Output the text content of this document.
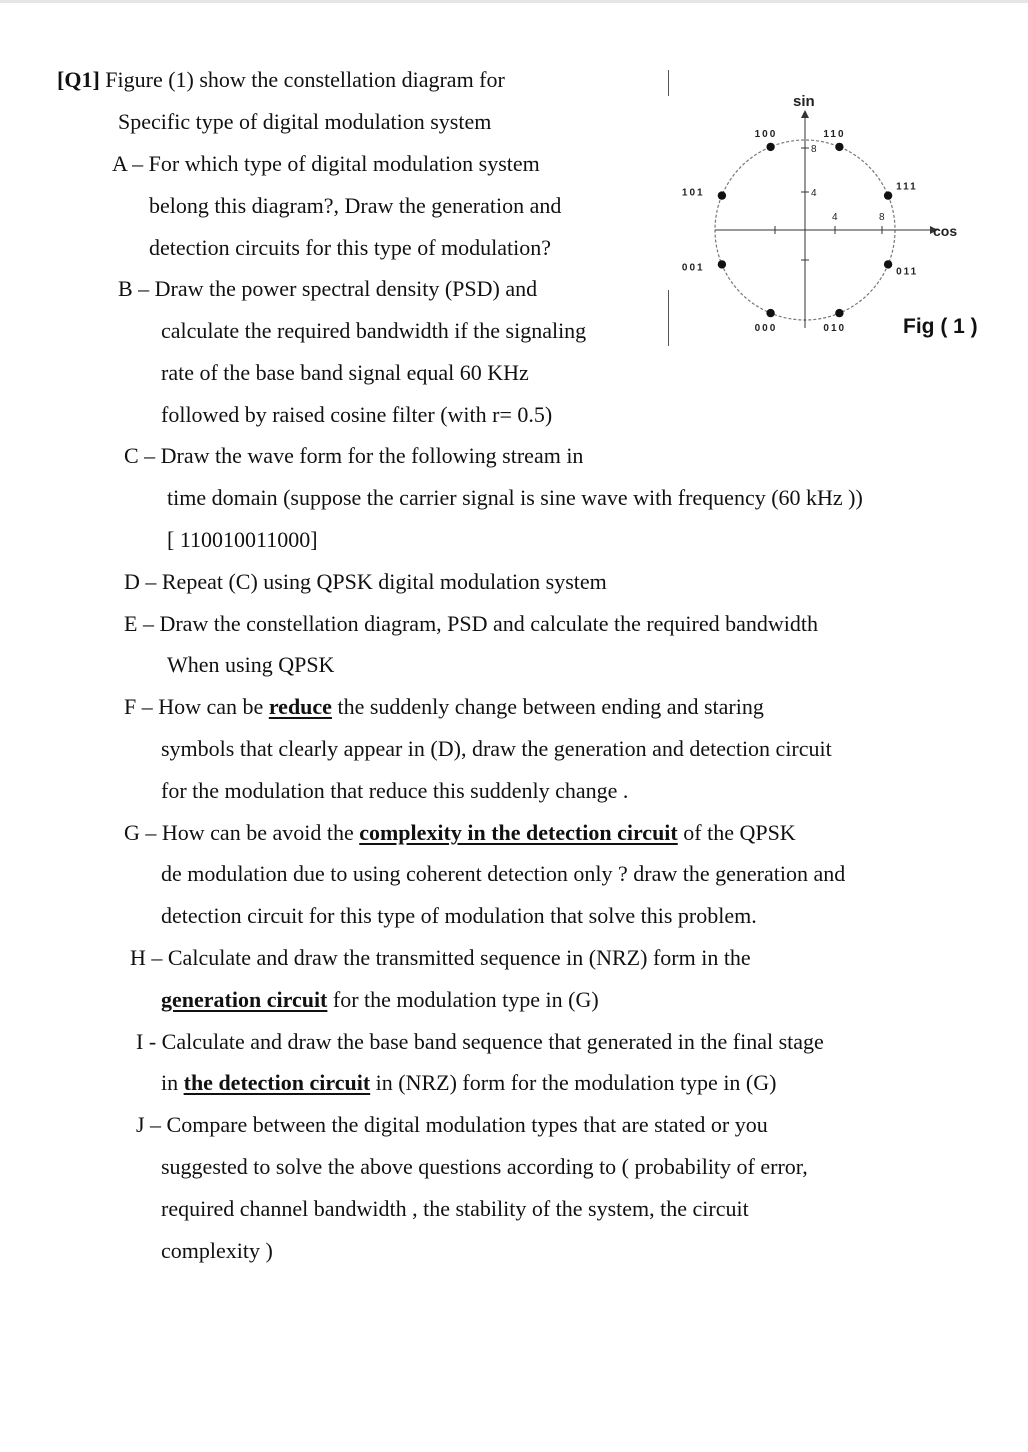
[Q1] Figure (1) show the constellation diagram for
Specific type of digital modulation system
A – For which type of digital modulation system
belong this diagram?, Draw the generation and
detection circuits for this type of modulation?
B – Draw the power spectral density (PSD) and
calculate the required bandwidth if the signaling
rate of the base band signal equal 60 KHz
followed by raised cosine filter (with r= 0.5)
C – Draw the wave form for the following stream in
time domain (suppose the carrier signal is sine wave with frequency (60 kHz ))
[ 110010011000]
D – Repeat (C) using QPSK digital modulation system
E – Draw the constellation diagram, PSD and calculate the required bandwidth
When using QPSK
F – How can be reduce the suddenly change between ending and staring
symbols that clearly appear in (D), draw the generation and detection circuit
for the modulation that reduce this suddenly change .
G – How can be avoid the complexity in the detection circuit of the QPSK
de modulation due to using coherent detection only ? draw the generation and
detection circuit for this type of modulation that solve this problem.
H – Calculate and draw the transmitted sequence in (NRZ) form in the
generation circuit for the modulation type in (G)
I - Calculate and draw the base band sequence that generated in the final stage
in the detection circuit in (NRZ) form for the modulation type in (G)
J – Compare between the digital modulation types that are stated or you
suggested to solve the above questions according to ( probability of error,
required channel bandwidth , the stability of the system, the circuit
complexity )
8
4
4	8
sin
cos
100	110
101
111
001	011
000	010	Fig ( 1 )
